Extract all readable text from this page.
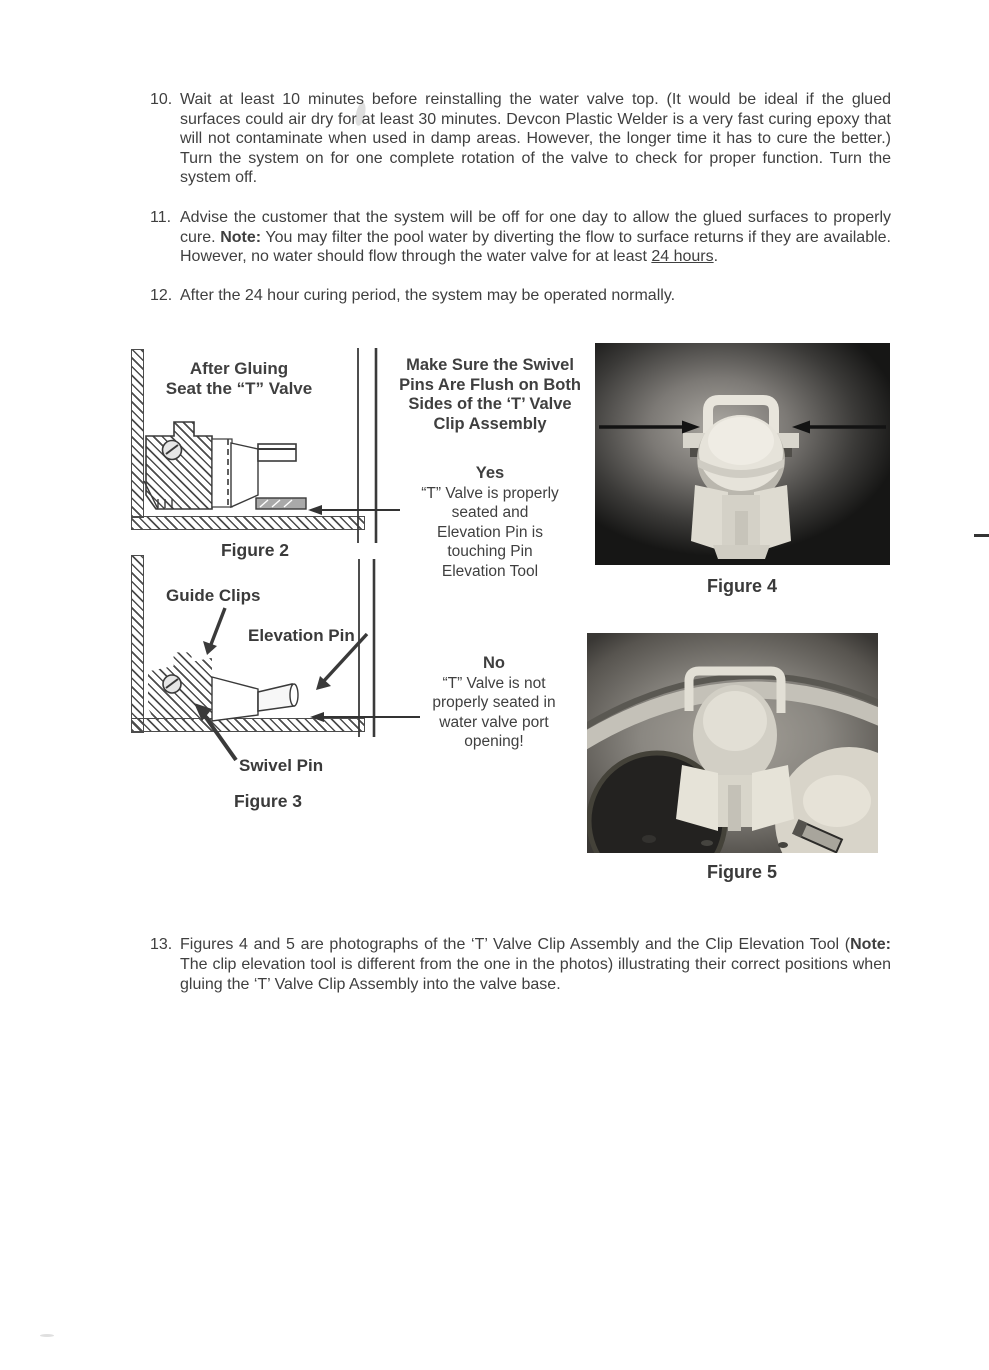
10. Wait at least 10 minutes before reinstalling the water valve top. (It would be ideal if the glued surfaces could air dry for at least 30 minutes. Devcon Plastic Welder is a very fast curing epoxy that will not contaminate when used in damp areas. However, the longer time it has to cure the better.) Turn the system on for one complete rotation of the valve to check for proper function. Turn the system off.
11. Advise the customer that the system will be off for one day to allow the glued surfaces to properly cure. Note: You may filter the pool water by diverting the flow to surface returns if they are available. However, no water should flow through the water valve for at least 24 hours.
12. After the 24 hour curing period, the system may be operated normally.
After Gluing
Seat the “T” Valve
Figure 2
Guide Clips
Elevation Pin
Swivel Pin
Figure 3
Make Sure the Swivel
Pins Are Flush on Both
Sides of the ‘T’ Valve
Clip Assembly
Yes
“T” Valve is properly
seated and
Elevation Pin is
touching Pin
Elevation Tool
No
“T” Valve is not
properly seated in
water valve port
opening!
Figure 4
Figure 5
13. Figures 4 and 5 are photographs of the ‘T’ Valve Clip Assembly and the Clip Elevation Tool (Note: The clip elevation tool is different from the one in the photos) illustrating their correct positions when gluing the ‘T’ Valve Clip Assembly into the valve base.
